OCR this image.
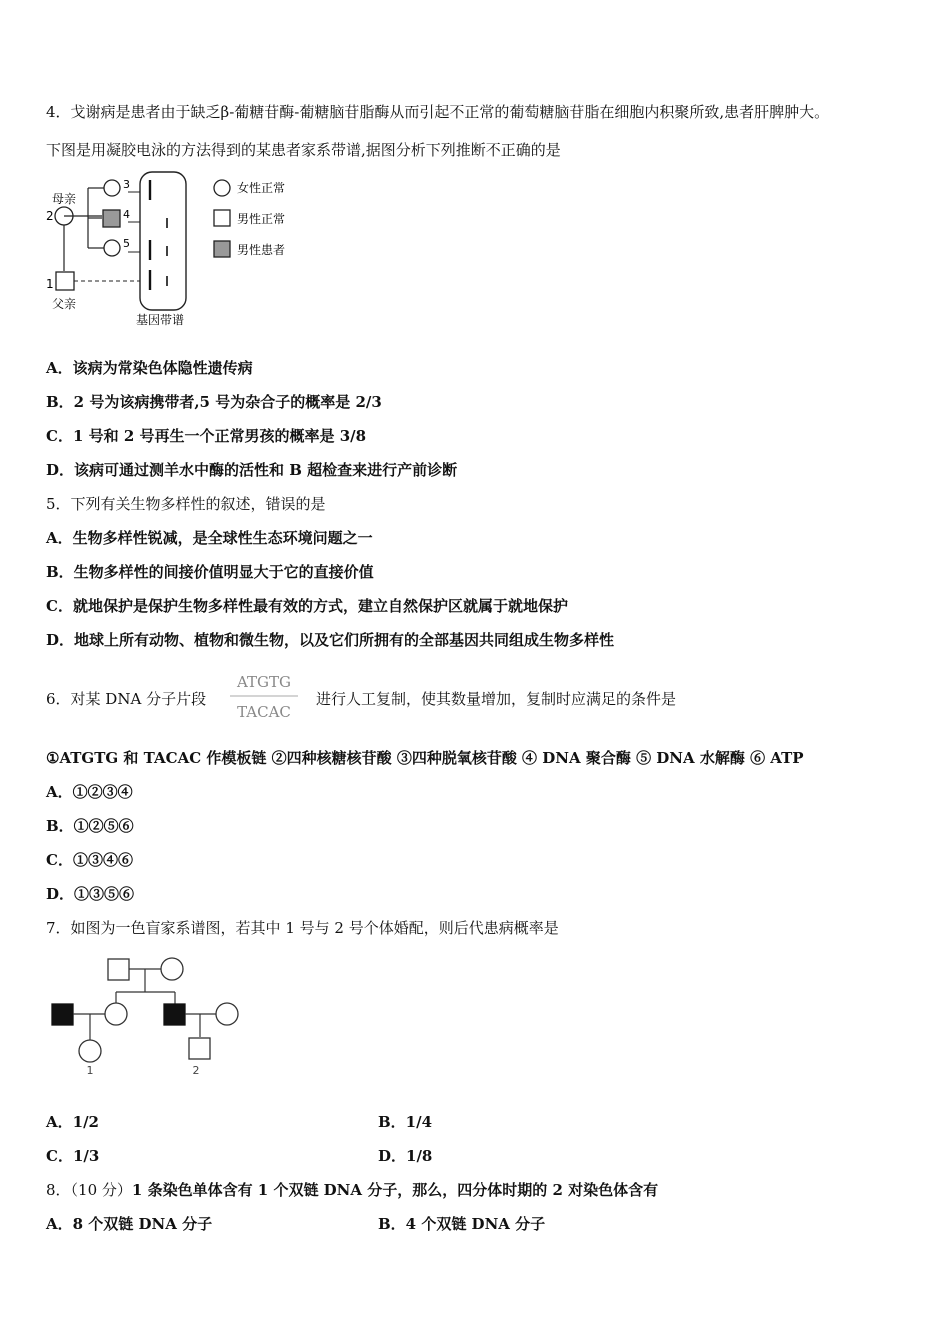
4．戈谢病是患者由于缺乏β-葡糖苷酶-葡糖脑苷脂酶从而引起不正常的葡萄糖脑苷脂在细胞内积聚所致,患者肝脾肿大。
下图是用凝胶电泳的方法得到的某患者家系带谱,据图分析下列推断不正确的是
母亲
2
3
4
5
1
父亲
基因带谱
女性正常
男性正常
男性患者
A．该病为常染色体隐性遗传病
B．2 号为该病携带者,5 号为杂合子的概率是 2/3
C．1 号和 2 号再生一个正常男孩的概率是 3/8
D．该病可通过测羊水中酶的活性和 B 超检查来进行产前诊断
5．下列有关生物多样性的叙述，错误的是
A．生物多样性锐减，是全球性生态环境问题之一
B．生物多样性的间接价值明显大于它的直接价值
C．就地保护是保护生物多样性最有效的方式，建立自然保护区就属于就地保护
D．地球上所有动物、植物和微生物，以及它们所拥有的全部基因共同组成生物多样性
6．对某 DNA 分子片段
ATGTG
TACAC
进行人工复制，使其数量增加，复制时应满足的条件是
①ATGTG 和 TACAC 作模板链 ②四种核糖核苷酸 ③四种脱氧核苷酸 ④ DNA 聚合酶 ⑤ DNA 水解酶 ⑥ ATP
A．①②③④
B．①②⑤⑥
C．①③④⑥
D．①③⑤⑥
7．如图为一色盲家系谱图，若其中 1 号与 2 号个体婚配，则后代患病概率是
1	2
A．1/2	B．1/4
C．1/3	D．1/8
8．（10 分）1 条染色单体含有 1 个双链 DNA 分子，那么，四分体时期的 2 对染色体含有
A．8 个双链 DNA 分子	B．4 个双链 DNA 分子
